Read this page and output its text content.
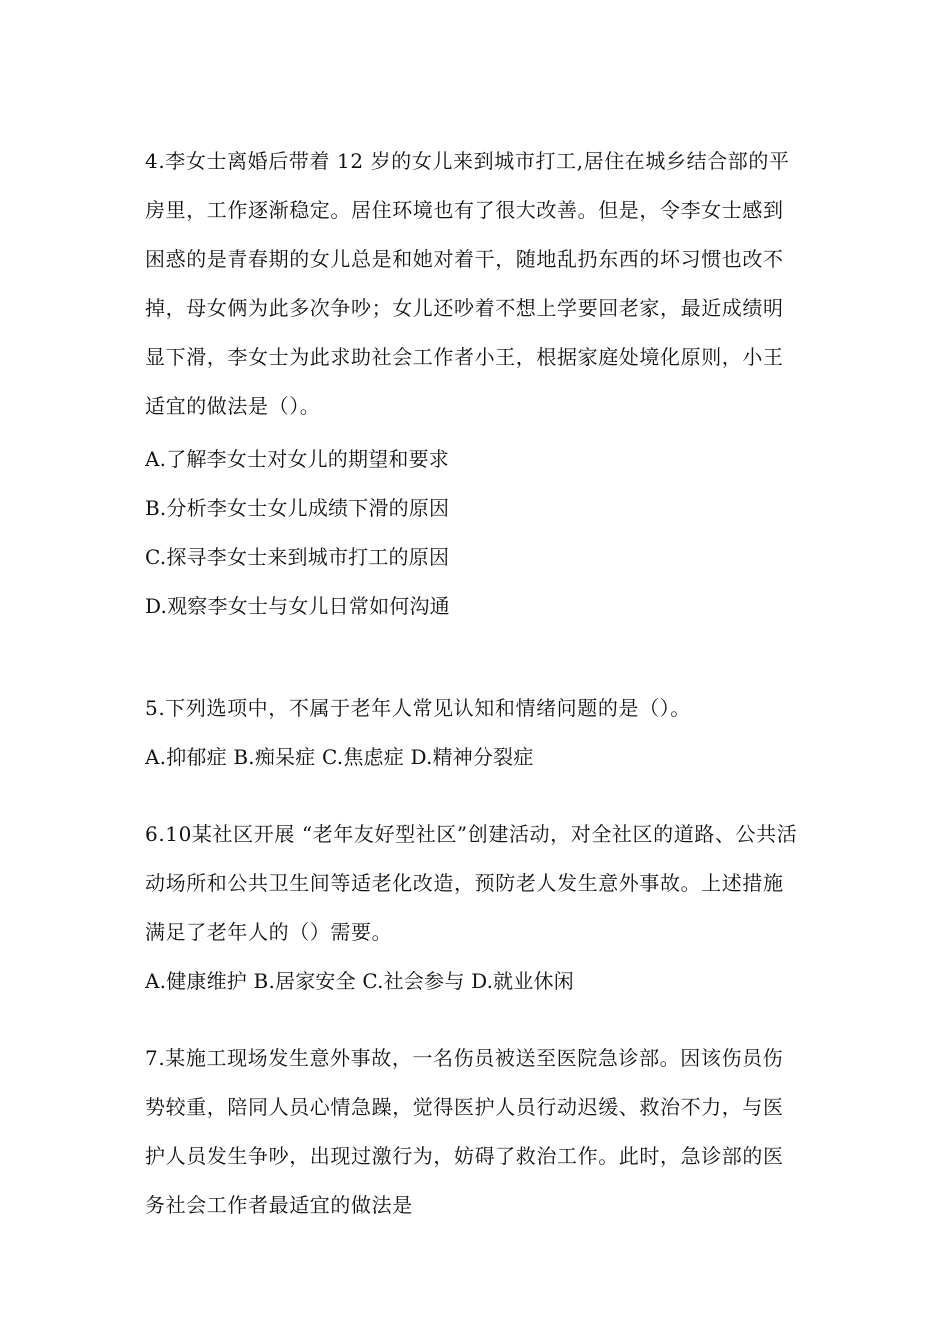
4.李女士离婚后带着 12 岁的女儿来到城市打工,居住在城乡结合部的平
房里，工作逐渐稳定。居住环境也有了很大改善。但是，令李女士感到
困惑的是青春期的女儿总是和她对着干，随地乱扔东西的坏习惯也改不
掉，母女俩为此多次争吵；女儿还吵着不想上学要回老家，最近成绩明
显下滑，李女士为此求助社会工作者小王，根据家庭处境化原则，小王
适宜的做法是（）。
A.了解李女士对女儿的期望和要求
B.分析李女士女儿成绩下滑的原因
C.探寻李女士来到城市打工的原因
D.观察李女士与女儿日常如何沟通
5.下列选项中，不属于老年人常见认知和情绪问题的是（）。
A.抑郁症 B.痴呆症 C.焦虑症 D.精神分裂症
6.10某社区开展 “老年友好型社区”创建活动，对全社区的道路、公共活
动场所和公共卫生间等适老化改造，预防老人发生意外事故。上述措施
满足了老年人的（）需要。
A.健康维护 B.居家安全 C.社会参与 D.就业休闲
7.某施工现场发生意外事故，一名伤员被送至医院急诊部。因该伤员伤
势较重，陪同人员心情急躁，觉得医护人员行动迟缓、救治不力，与医
护人员发生争吵，出现过激行为，妨碍了救治工作。此时，急诊部的医
务社会工作者最适宜的做法是
